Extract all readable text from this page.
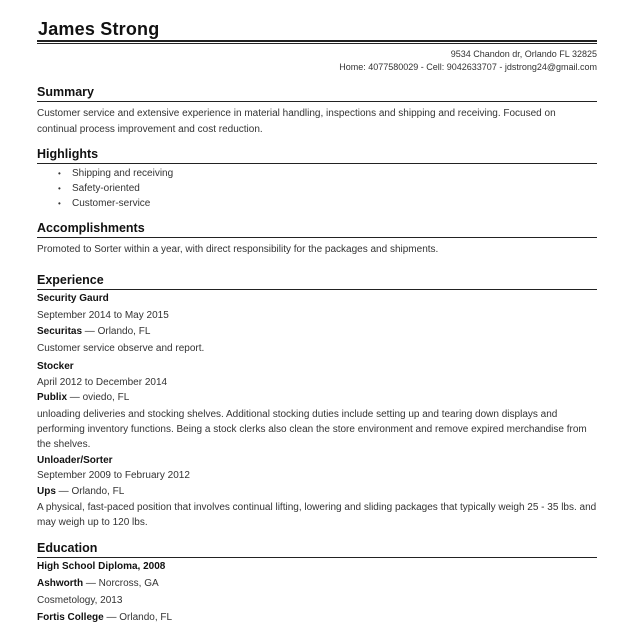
James Strong
9534 Chandon dr, Orlando FL 32825
Home: 4077580029 - Cell: 9042633707 - jdstrong24@gmail.com
Summary
Customer service and extensive experience in material handling, inspections and shipping and receiving. Focused on continual process improvement and cost reduction.
Highlights
• Shipping and receiving
• Safety-oriented
• Customer-service
Accomplishments
Promoted to Sorter within a year, with direct responsibility for the packages and shipments.
Experience
Security Gaurd
September 2014 to May 2015
Securitas — Orlando, FL
Customer service observe and report.
Stocker
April 2012 to December 2014
Publix — oviedo, FL
unloading deliveries and stocking shelves. Additional stocking duties include setting up and tearing down displays and performing inventory functions. Being a stock clerks also clean the store environment and remove expired merchandise from the shelves.
Unloader/Sorter
September 2009 to February 2012
Ups — Orlando, FL
A physical, fast-paced position that involves continual lifting, lowering and sliding packages that typically weigh 25 - 35 lbs. and may weigh up to 120 lbs.
Education
High School Diploma, 2008
Ashworth — Norcross, GA
Cosmetology, 2013
Fortis College — Orlando, FL
